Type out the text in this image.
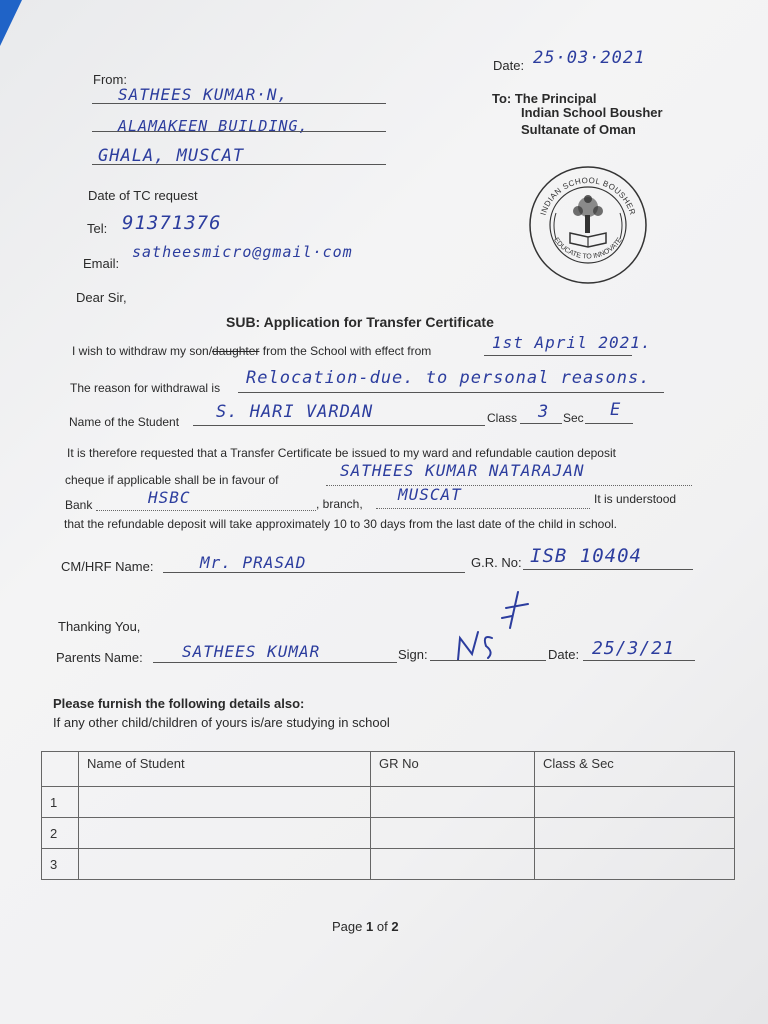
Date: 25·03·2021
From:
SATHEES KUMAR·N,
ALAMAKEEN BUILDING,
GHALA, MUSCAT
To: The Principal
Indian School Bousher
Sultanate of Oman
INDIAN SCHOOL BOUSHER
EDUCATE TO INNOVATE
Date of TC request
Tel: 91371376
Email:
satheesmicro@gmail·com
Dear Sir,
SUB: Application for Transfer Certificate
I wish to withdraw my son/daughter from the School with effect from	1st April 2021.
The reason for withdrawal is Relocation-due. to personal reasons.
Name of the Student S. HARI VARDAN	Class 3 Sec E
It is therefore requested that a Transfer Certificate be issued to my ward and refundable caution deposit
cheque if applicable shall be in favour of	SATHEES KUMAR NATARAJAN
Bank	HSBC	, branch, MUSCAT	It is understood
that the refundable deposit will take approximately 10 to 30 days from the last date of the child in school.
CM/HRF Name:	Mr. PRASAD	G.R. No: ISB 10404
Thanking You,
Parents Name: SATHEES KUMAR	Sign:	Date: 25/3/21
Please furnish the following details also:
If any other child/children of yours is/are studying in school
	Name of Student	GR No	Class & Sec
1			
2			
3			
Page 1 of 2
